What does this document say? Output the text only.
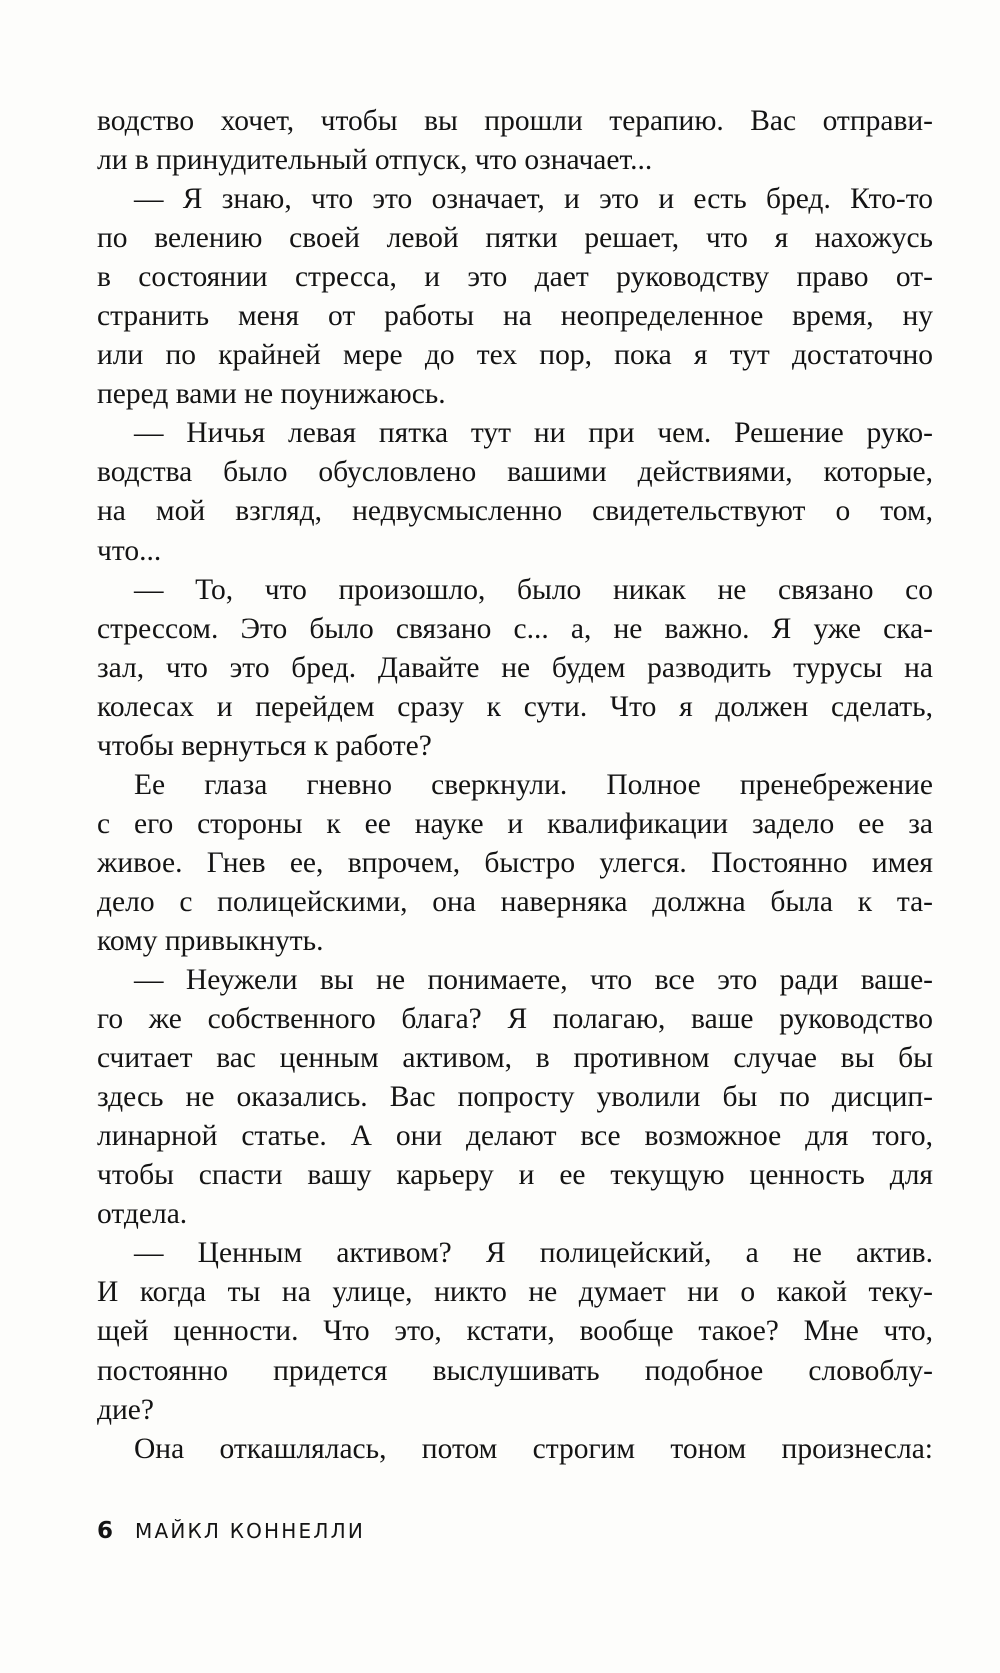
водство хочет, чтобы вы прошли терапию. Вас отправи-
ли в принудительный отпуск, что означает...
— Я знаю, что это означает, и это и есть бред. Кто-то
по велению своей левой пятки решает, что я нахожусь
в состоянии стресса, и это дает руководству право от-
странить меня от работы на неопределенное время, ну
или по крайней мере до тех пор, пока я тут достаточно
перед вами не поунижаюсь.
— Ничья левая пятка тут ни при чем. Решение руко-
водства было обусловлено вашими действиями, которые,
на мой взгляд, недвусмысленно свидетельствуют о том,
что...
— То, что произошло, было никак не связано со
стрессом. Это было связано с... а, не важно. Я уже ска-
зал, что это бред. Давайте не будем разводить турусы на
колесах и перейдем сразу к сути. Что я должен сделать,
чтобы вернуться к работе?
Ее глаза гневно сверкнули. Полное пренебрежение
с его стороны к ее науке и квалификации задело ее за
живое. Гнев ее, впрочем, быстро улегся. Постоянно имея
дело с полицейскими, она наверняка должна была к та-
кому привыкнуть.
— Неужели вы не понимаете, что все это ради ваше-
го же собственного блага? Я полагаю, ваше руководство
считает вас ценным активом, в противном случае вы бы
здесь не оказались. Вас попросту уволили бы по дисцип-
линарной статье. А они делают все возможное для того,
чтобы спасти вашу карьеру и ее текущую ценность для
отдела.
— Ценным активом? Я полицейский, а не актив.
И когда ты на улице, никто не думает ни о какой теку-
щей ценности. Что это, кстати, вообще такое? Мне что,
постоянно придется выслушивать подобное словоблу-
дие?
Она откашлялась, потом строгим тоном произнесла:
6 МАЙКЛ КОННЕЛЛИ
